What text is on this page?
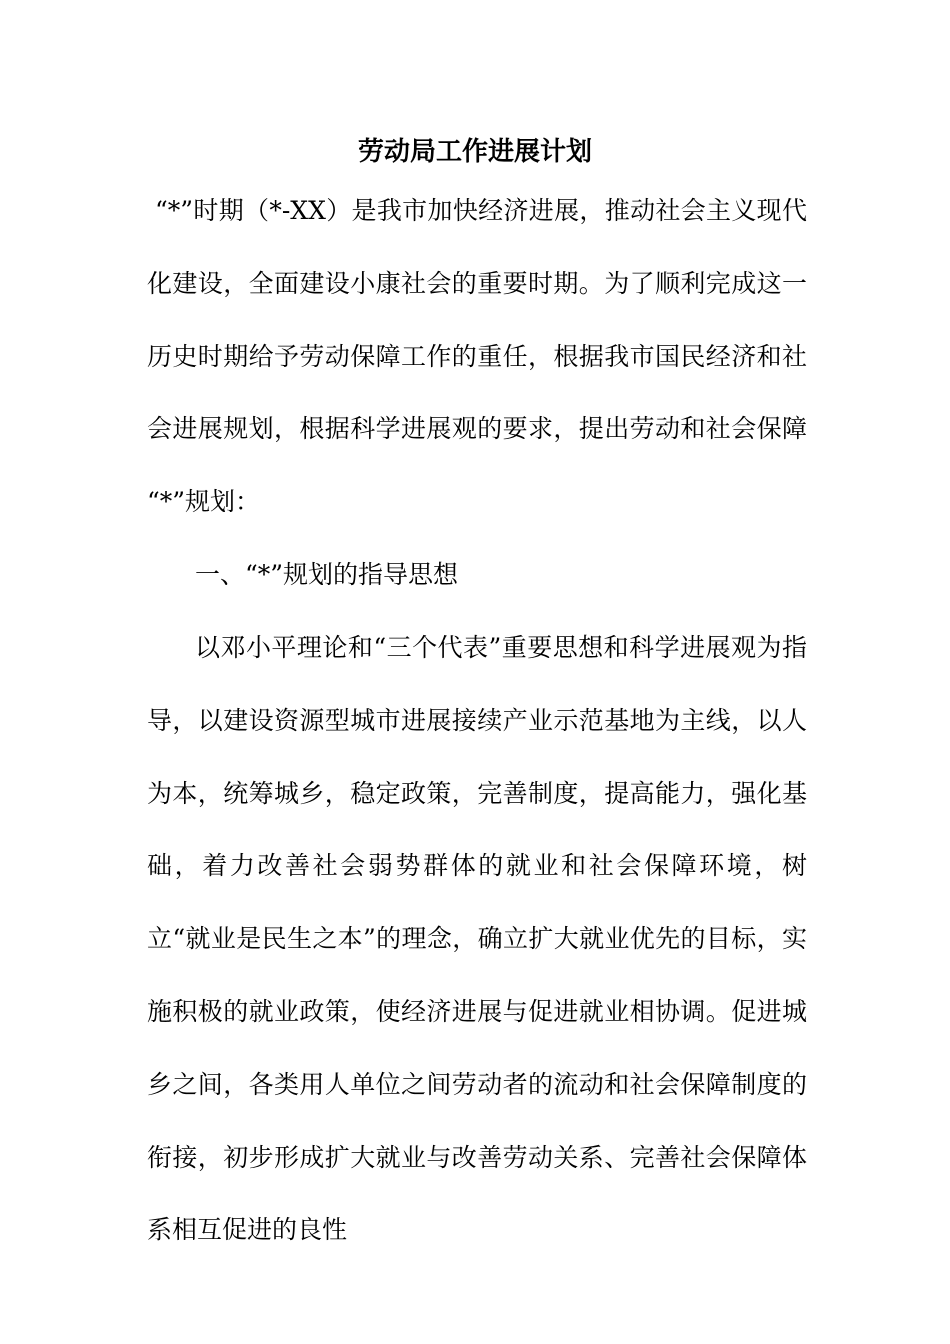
劳动局工作进展计划

“*”时期（*-XX）是我市加快经济进展，推动社会主义现代化建设，全面建设小康社会的重要时期。为了顺利完成这一历史时期给予劳动保障工作的重任，根据我市国民经济和社会进展规划，根据科学进展观的要求，提出劳动和社会保障 “*”规划：

一、“*”规划的指导思想

以邓小平理论和“三个代表”重要思想和科学进展观为指导，以建设资源型城市进展接续产业示范基地为主线，以人为本，统筹城乡，稳定政策，完善制度，提高能力，强化基础，着力改善社会弱势群体的就业和社会保障环境，树立“就业是民生之本”的理念，确立扩大就业优先的目标，实施积极的就业政策，使经济进展与促进就业相协调。促进城乡之间，各类用人单位之间劳动者的流动和社会保障制度的衔接，初步形成扩大就业与改善劳动关系、完善社会保障体系相互促进的良性
